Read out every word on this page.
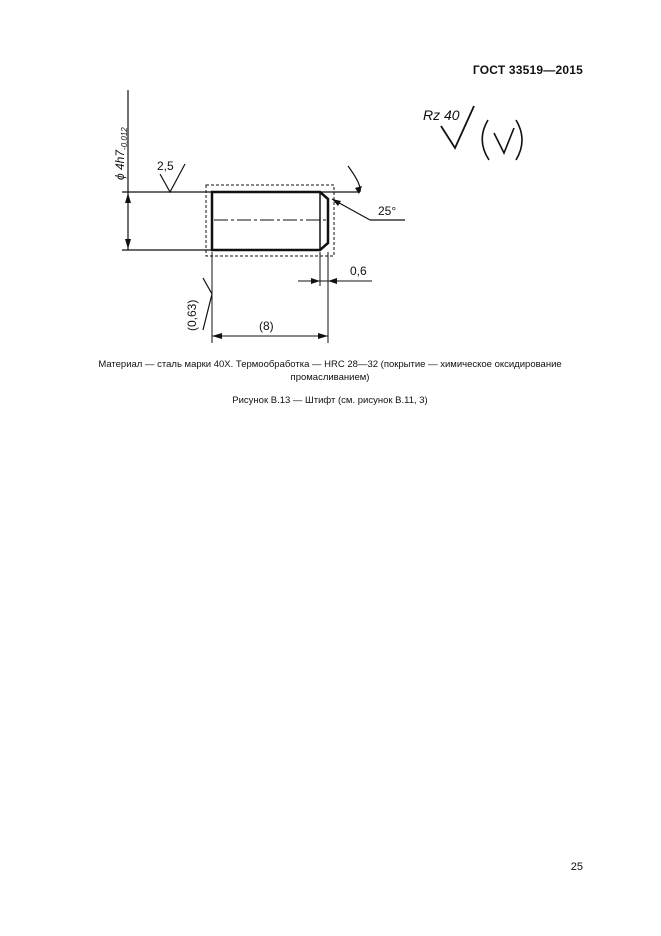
ГОСТ 33519—2015
ϕ $4h7_{-0,012}$
2,5
25°
0,6
(8)
(0,63)
Rz 40
Материал — сталь марки 40Х. Термообработка — HRC 28—32 (покрытие — химическое оксидирование
промасливанием)
Рисунок В.13 — Штифт (см. рисунок В.11, 3)
25
